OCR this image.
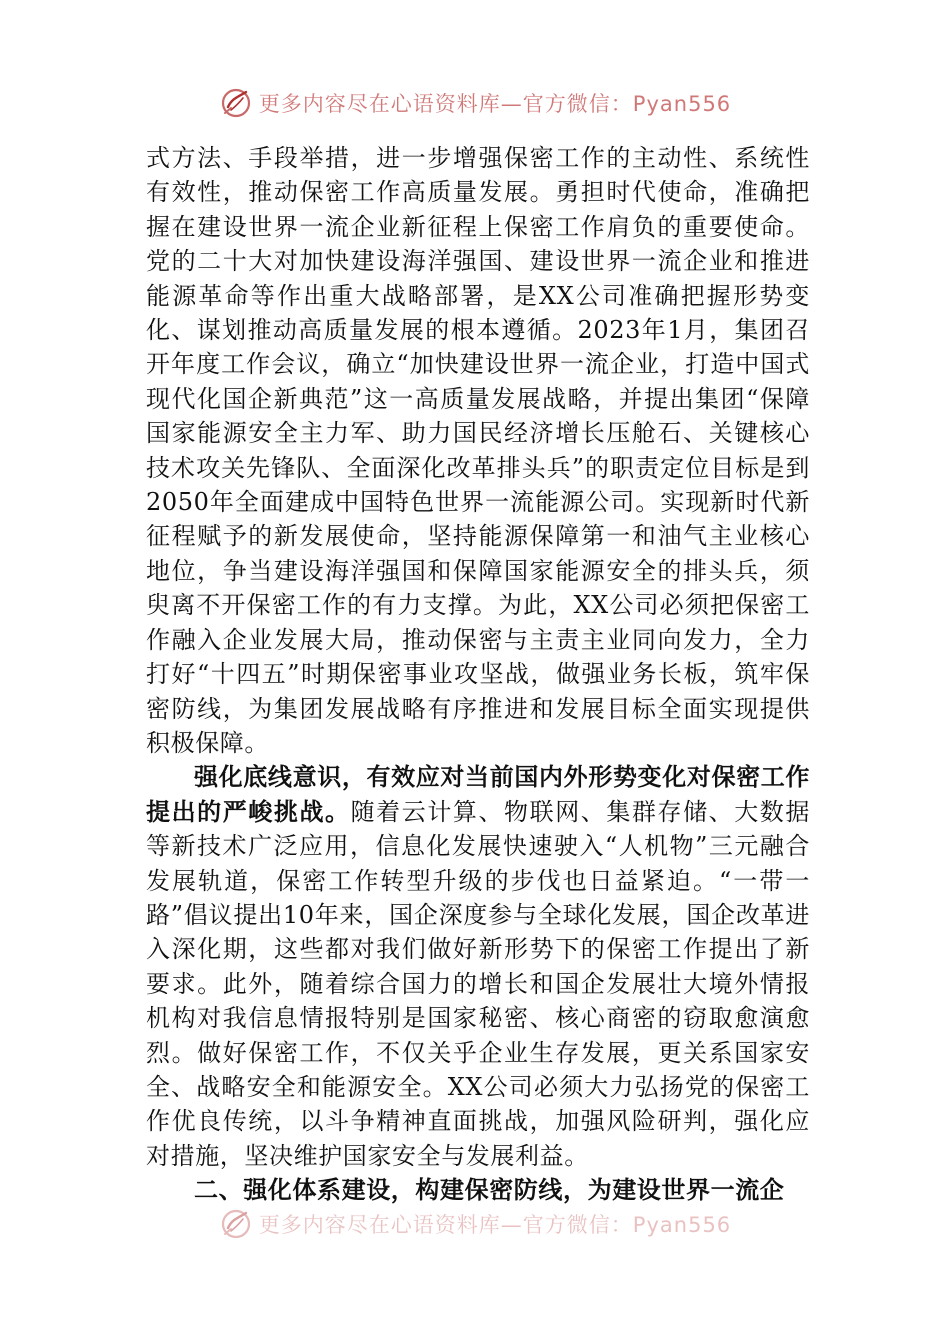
更多内容尽在心语资料库—官方微信：Pyan556

式方法、手段举措，进一步增强保密工作的主动性、系统性有效性，推动保密工作高质量发展。勇担时代使命，准确把握在建设世界一流企业新征程上保密工作肩负的重要使命。党的二十大对加快建设海洋强国、建设世界一流企业和推进能源革命等作出重大战略部署，是XX公司准确把握形势变化、谋划推动高质量发展的根本遵循。2023年1月，集团召开年度工作会议，确立“加快建设世界一流企业，打造中国式现代化国企新典范”这一高质量发展战略，并提出集团“保障国家能源安全主力军、助力国民经济增长压舱石、关键核心技术攻关先锋队、全面深化改革排头兵”的职责定位目标是到2050年全面建成中国特色世界一流能源公司。实现新时代新征程赋予的新发展使命，坚持能源保障第一和油气主业核心地位，争当建设海洋强国和保障国家能源安全的排头兵，须臾离不开保密工作的有力支撑。为此，XX公司必须把保密工作融入企业发展大局，推动保密与主责主业同向发力，全力打好“十四五”时期保密事业攻坚战，做强业务长板，筑牢保密防线，为集团发展战略有序推进和发展目标全面实现提供积极保障。

强化底线意识，有效应对当前国内外形势变化对保密工作提出的严峻挑战。随着云计算、物联网、集群存储、大数据等新技术广泛应用，信息化发展快速驶入“人机物”三元融合发展轨道，保密工作转型升级的步伐也日益紧迫。“一带一路”倡议提出10年来，国企深度参与全球化发展，国企改革进入深化期，这些都对我们做好新形势下的保密工作提出了新要求。此外，随着综合国力的增长和国企发展壮大境外情报机构对我信息情报特别是国家秘密、核心商密的窃取愈演愈烈。做好保密工作，不仅关乎企业生存发展，更关系国家安全、战略安全和能源安全。XX公司必须大力弘扬党的保密工作优良传统，以斗争精神直面挑战，加强风险研判，强化应对措施，坚决维护国家安全与发展利益。

二、强化体系建设，构建保密防线，为建设世界一流企

更多内容尽在心语资料库—官方微信：Pyan556
